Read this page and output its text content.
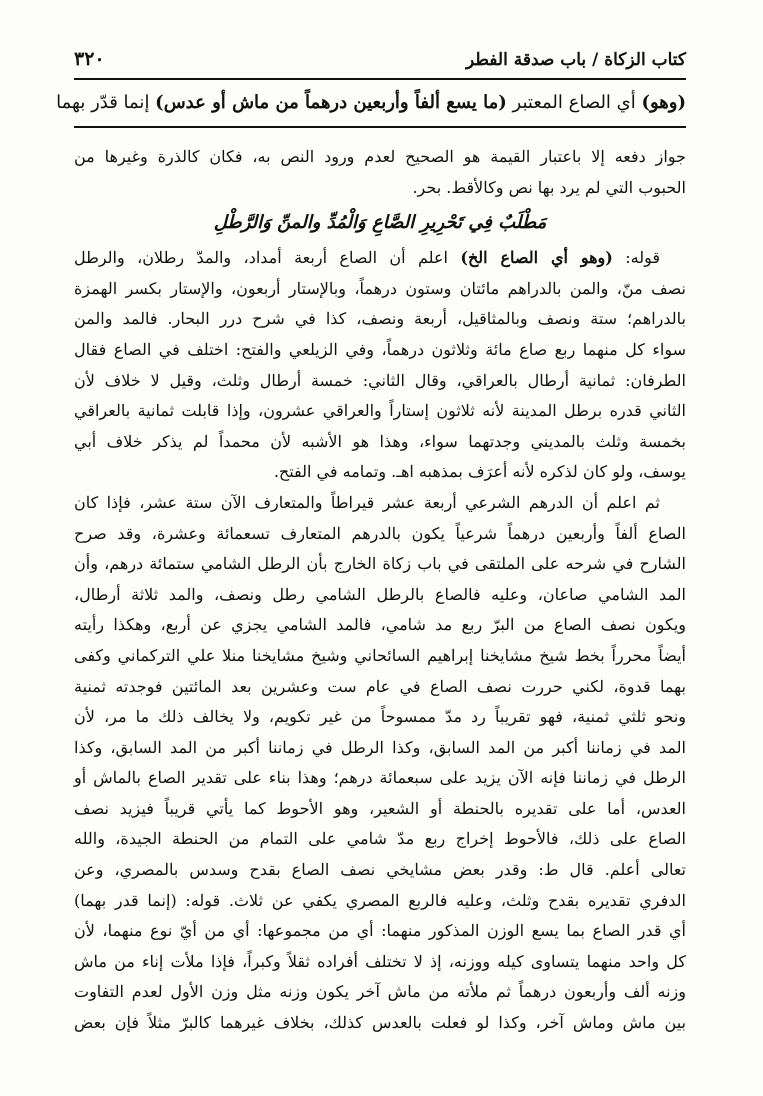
كتاب الزكاة / باب صدقة الفطر
٣٢٠
(وهو) أي الصاع المعتبر (ما يسع ألفاً وأربعين درهماً من ماش أو عدس) إنما قدّر بهما
جواز دفعه إلا باعتبار القيمة هو الصحيح لعدم ورود النص به، فكان كالذرة وغيرها من
الحبوب التي لم يرد بها نص وكالأقط. بحر.
مَطْلَبٌ فِي تَحْرِيرِ الصَّاعِ وَالْمُدِّ والمنِّ وَالرَّطْلِ
قوله: (وهو أي الصاع الخ) اعلم أن الصاع أربعة أمداد، والمدّ رطلان، والرطل
نصف منّ، والمن بالدراهم مائتان وستون درهماً، وبالإستار أربعون، والإستار بكسر الهمزة
بالدراهم؛ ستة ونصف وبالمثاقيل، أربعة ونصف، كذا في شرح درر البحار. فالمد والمن
سواء كل منهما ربع صاع مائة وثلاثون درهماً، وفي الزيلعي والفتح: اختلف في الصاع فقال
الطرفان: ثمانية أرطال بالعراقي، وقال الثاني: خمسة أرطال وثلث، وقيل لا خلاف لأن
الثاني قدره برطل المدينة لأنه ثلاثون إستاراً والعراقي عشرون، وإذا قابلت ثمانية بالعراقي
بخمسة وثلث بالمديني وجدتهما سواء، وهذا هو الأشبه لأن محمداً لم يذكر خلاف أبي
يوسف، ولو كان لذكره لأنه أعرَف بمذهبه اهـ. وتمامه في الفتح.
ثم اعلم أن الدرهم الشرعي أربعة عشر قيراطاً والمتعارف الآن ستة عشر، فإذا كان
الصاع ألفاً وأربعين درهماً شرعياً يكون بالدرهم المتعارف تسعمائة وعشرة، وقد صرح
الشارح في شرحه على الملتقى في باب زكاة الخارج بأن الرطل الشامي ستمائة درهم، وأن
المد الشامي صاعان، وعليه فالصاع بالرطل الشامي رطل ونصف، والمد ثلاثة أرطال،
ويكون نصف الصاع من البرّ ربع مد شامي، فالمد الشامي يجزي عن أربع، وهكذا رأيته
أيضاً محرراً بخط شيخ مشايخنا إبراهيم السائحاني وشيخ مشايخنا منلا علي التركماني وكفى
بهما قدوة، لكني حررت نصف الصاع في عام ست وعشرين بعد المائتين فوجدته ثمنية
ونحو ثلثي ثمنية، فهو تقريباً رد مدّ ممسوحاً من غير تكويم، ولا يخالف ذلك ما مر، لأن
المد في زماننا أكبر من المد السابق، وكذا الرطل في زماننا أكبر من المد السابق، وكذا
الرطل في زماننا فإنه الآن يزيد على سبعمائة درهم؛ وهذا بناء على تقدير الصاع بالماش أو
العدس، أما على تقديره بالحنطة أو الشعير، وهو الأحوط كما يأتي قريباً فيزيد نصف
الصاع على ذلك، فالأحوط إخراج ربع مدّ شامي على التمام من الحنطة الجيدة، والله
تعالى أعلم. قال ط: وقدر بعض مشايخي نصف الصاع بقدح وسدس بالمصري، وعن
الدفري تقديره بقدح وثلث، وعليه فالربع المصري يكفي عن ثلاث. قوله: (إنما قدر بهما)
أي قدر الصاع بما يسع الوزن المذكور منهما: أي من مجموعها: أي من أيّ نوع منهما، لأن
كل واحد منهما يتساوى كيله ووزنه، إذ لا تختلف أفراده ثقلاً وكبراً، فإذا ملأت إناء من ماش
وزنه ألف وأربعون درهماً ثم ملأته من ماش آخر يكون وزنه مثل وزن الأول لعدم التفاوت
بين ماش وماش آخر، وكذا لو فعلت بالعدس كذلك، بخلاف غيرهما كالبرّ مثلاً فإن بعض
